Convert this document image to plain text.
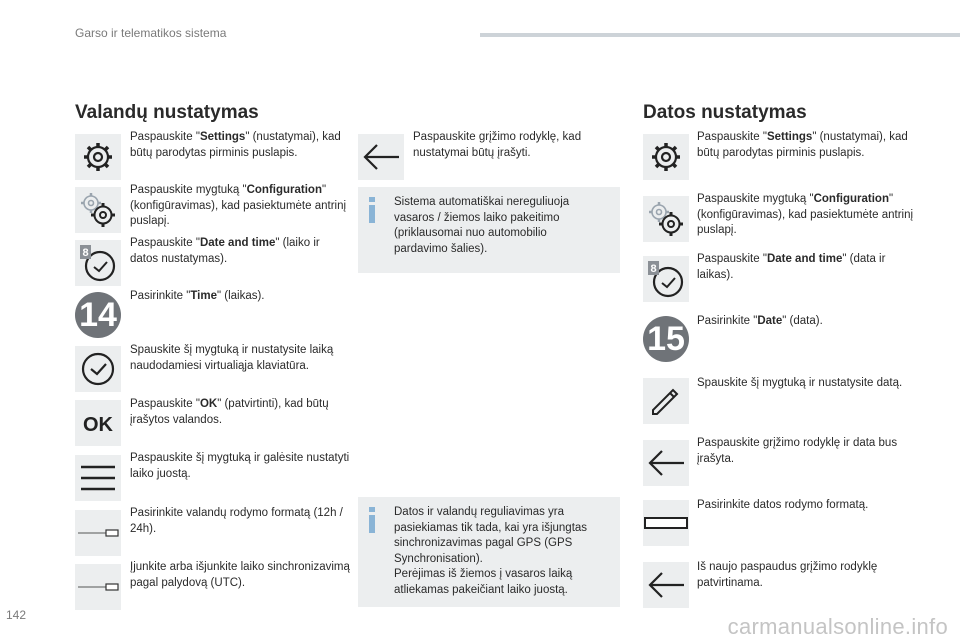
Garso ir telematikos sistema
Valandų nustatymas
Paspauskite "Settings" (nustatymai), kad būtų parodytas pirminis puslapis.
Paspauskite mygtuką "Configuration" (konfigūravimas), kad pasiektumėte antrinį puslapį.
8
Paspauskite "Date and time" (laiko ir datos nustatymas).
14 Pasirinkite "Time" (laikas).
Spauskite šį mygtuką ir nustatysite laiką naudodamiesi virtualiąja klaviatūra.
OK
Paspauskite "OK" (patvirtinti), kad būtų įrašytos valandos.
Paspauskite šį mygtuką ir galėsite nustatyti laiko juostą.
Pasirinkite valandų rodymo formatą (12h / 24h).
Įjunkite arba išjunkite laiko sinchronizavimą pagal palydovą (UTC).
Paspauskite grįžimo rodyklę, kad nustatymai būtų įrašyti.
Sistema automatiškai nereguliuoja vasaros / žiemos laiko pakeitimo (priklausomai nuo automobilio pardavimo šalies).
Datos ir valandų reguliavimas yra pasiekiamas tik tada, kai yra išjungtas sinchronizavimas pagal GPS (GPS Synchronisation).
Perėjimas iš žiemos į vasaros laiką atliekamas pakeičiant laiko juostą.
Datos nustatymas
Paspauskite "Settings" (nustatymai), kad būtų parodytas pirminis puslapis.
Paspauskite mygtuką "Configuration" (konfigūravimas), kad pasiektumėte antrinį puslapį.
8
Paspauskite "Date and time" (data ir laikas).
15 Pasirinkite "Date" (data).
Spauskite šį mygtuką ir nustatysite datą.
Paspauskite grįžimo rodyklę ir data bus įrašyta.
Pasirinkite datos rodymo formatą.
Iš naujo paspaudus grįžimo rodyklę patvirtinama.
142	carmanualsonline.info
